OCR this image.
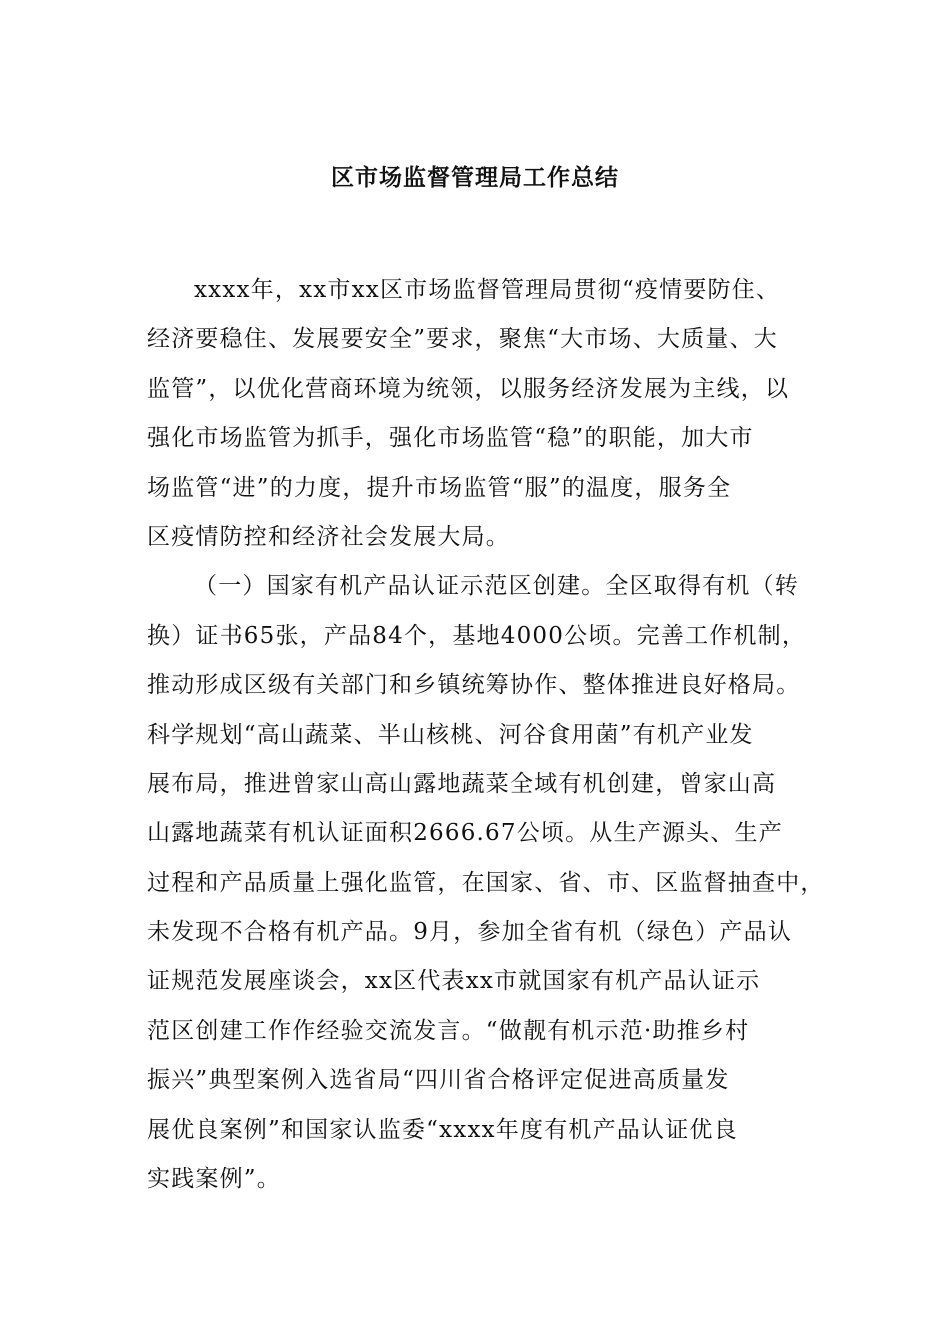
区市场监督管理局工作总结
xxxx年，xx市xx区市场监督管理局贯彻“疫情要防住、
经济要稳住、发展要安全”要求，聚焦“大市场、大质量、大
监管”，以优化营商环境为统领，以服务经济发展为主线，以
强化市场监管为抓手，强化市场监管“稳”的职能，加大市
场监管“进”的力度，提升市场监管“服”的温度，服务全
区疫情防控和经济社会发展大局。
（一）国家有机产品认证示范区创建。全区取得有机（转
换）证书65张，产品84个，基地4000公顷。完善工作机制，
推动形成区级有关部门和乡镇统筹协作、整体推进良好格局。
科学规划“高山蔬菜、半山核桃、河谷食用菌”有机产业发
展布局，推进曾家山高山露地蔬菜全域有机创建，曾家山高
山露地蔬菜有机认证面积2666.67公顷。从生产源头、生产
过程和产品质量上强化监管，在国家、省、市、区监督抽查中，
未发现不合格有机产品。9月，参加全省有机（绿色）产品认
证规范发展座谈会，xx区代表xx市就国家有机产品认证示
范区创建工作作经验交流发言。“做靓有机示范·助推乡村
振兴”典型案例入选省局“四川省合格评定促进高质量发
展优良案例”和国家认监委“xxxx年度有机产品认证优良
实践案例”。
